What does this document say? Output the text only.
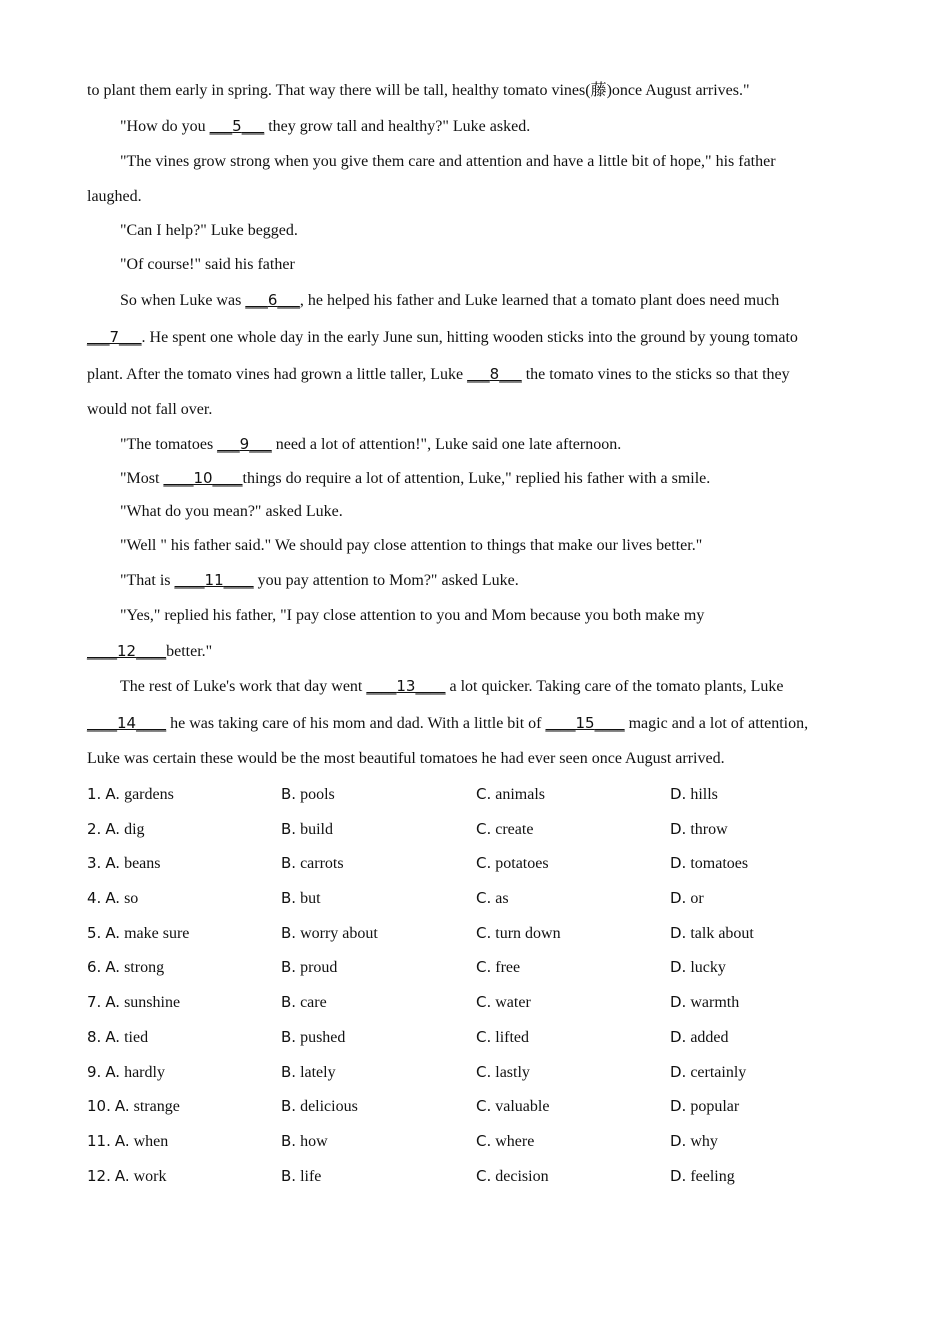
to plant them early in spring. That way there will be tall, healthy tomato vines(藤)once August arrives."

"How do you ___5___ they grow tall and healthy?" Luke asked.

"The vines grow strong when you give them care and attention and have a little bit of hope," his father

laughed.

"Can I help?" Luke begged.

"Of course!" said his father

So when Luke was ___6___, he helped his father and Luke learned that a tomato plant does need much

___7___. He spent one whole day in the early June sun, hitting wooden sticks into the ground by young tomato

plant. After the tomato vines had grown a little taller, Luke ___8___ the tomato vines to the sticks so that they

would not fall over.

"The tomatoes ___9___ need a lot of attention!", Luke said one late afternoon.

"Most ____10____things do require a lot of attention, Luke," replied his father with a smile.

"What do you mean?" asked Luke.

"Well " his father said." We should pay close attention to things that make our lives better."

"That is ____11____ you pay attention to Mom?" asked Luke.

"Yes," replied his father, "I pay close attention to you and Mom because you both make my

____12____better."

The rest of Luke's work that day went ____13____ a lot quicker. Taking care of the tomato plants, Luke

____14____ he was taking care of his mom and dad. With a little bit of ____15____ magic and a lot of attention,

Luke was certain these would be the most beautiful tomatoes he had ever seen once August arrived.

1. A. gardens	B. pools	C. animals	D. hills
2. A. dig	B. build	C. create	D. throw
3. A. beans	B. carrots	C. potatoes	D. tomatoes
4. A. so	B. but	C. as	D. or
5. A. make sure	B. worry about	C. turn down	D. talk about
6. A. strong	B. proud	C. free	D. lucky
7. A. sunshine	B. care	C. water	D. warmth
8. A. tied	B. pushed	C. lifted	D. added
9. A. hardly	B. lately	C. lastly	D. certainly
10. A. strange	B. delicious	C. valuable	D. popular
11. A. when	B. how	C. where	D. why
12. A. work	B. life	C. decision	D. feeling
